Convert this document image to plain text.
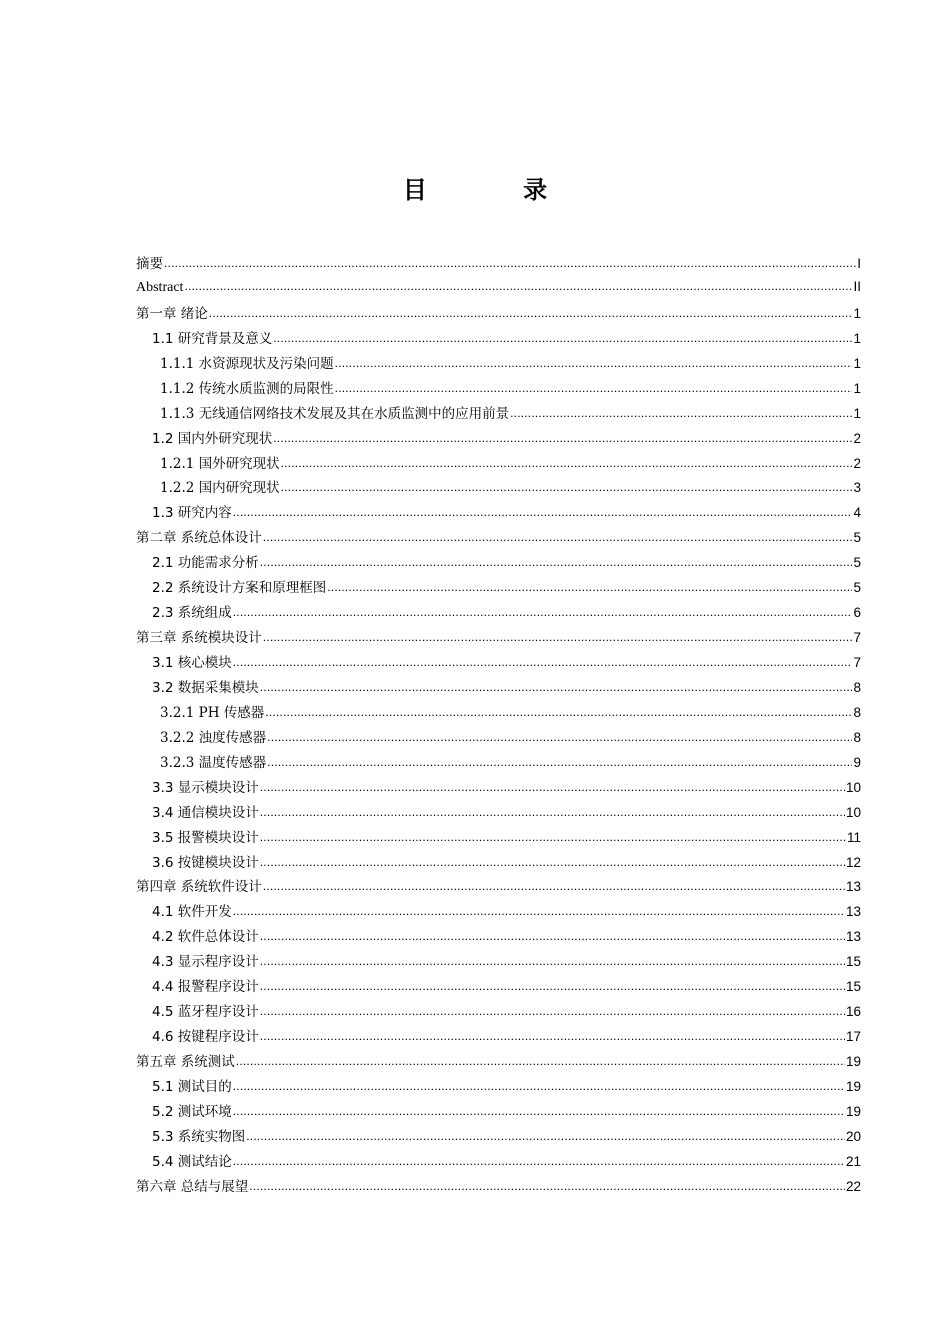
目 录
摘要 .....	I
Abstract .....	II
第一章 绪论 .....	1
1.1 研究背景及意义 .....	1
1.1.1 水资源现状及污染问题 .....	1
1.1.2 传统水质监测的局限性 .....	1
1.1.3 无线通信网络技术发展及其在水质监测中的应用前景 .....	1
1.2 国内外研究现状 .....	2
1.2.1 国外研究现状 .....	2
1.2.2 国内研究现状 .....	3
1.3 研究内容 .....	4
第二章 系统总体设计 .....	5
2.1 功能需求分析 .....	5
2.2 系统设计方案和原理框图 .....	5
2.3 系统组成 .....	6
第三章 系统模块设计 .....	7
3.1 核心模块 .....	7
3.2 数据采集模块 .....	8
3.2.1 PH 传感器 .....	8
3.2.2 浊度传感器 .....	8
3.2.3 温度传感器 .....	9
3.3 显示模块设计 .....	10
3.4 通信模块设计 .....	10
3.5 报警模块设计 .....	11
3.6 按键模块设计 .....	12
第四章 系统软件设计 .....	13
4.1 软件开发 .....	13
4.2 软件总体设计 .....	13
4.3 显示程序设计 .....	15
4.4 报警程序设计 .....	15
4.5 蓝牙程序设计 .....	16
4.6 按键程序设计 .....	17
第五章 系统测试 .....	19
5.1 测试目的 .....	19
5.2 测试环境 .....	19
5.3 系统实物图 .....	20
5.4 测试结论 .....	21
第六章 总结与展望 .....	22
